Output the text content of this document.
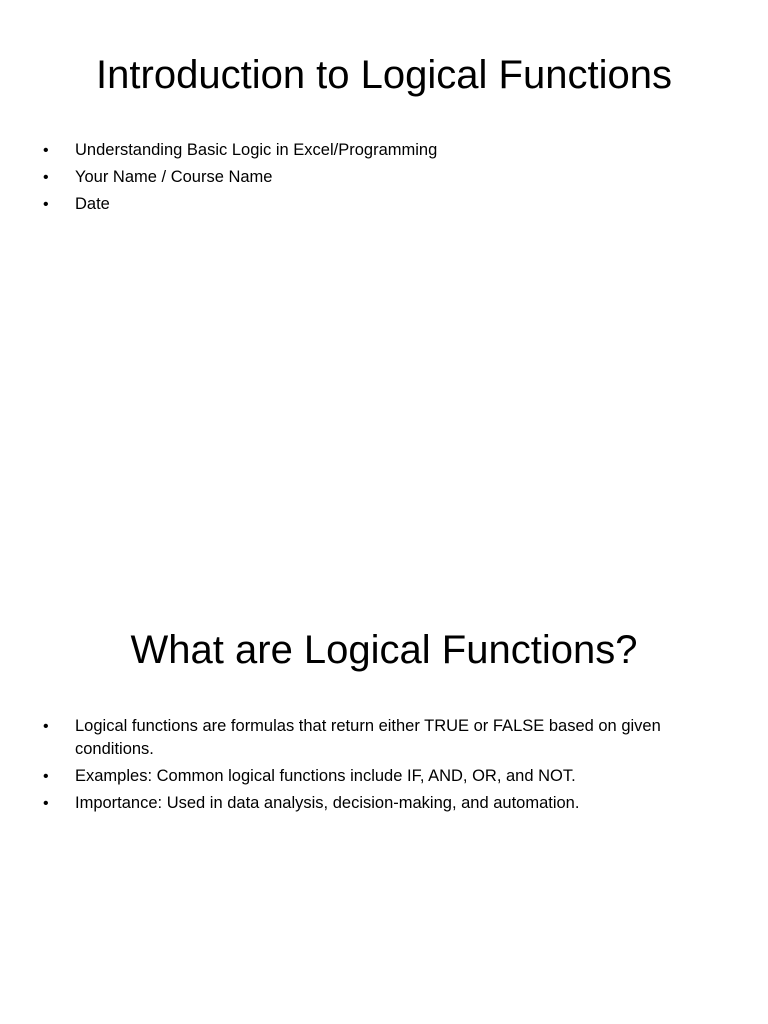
Introduction to Logical Functions
• Understanding Basic Logic in Excel/Programming
• Your Name / Course Name
• Date
What are Logical Functions?
• Logical functions are formulas that return either TRUE or FALSE based on given conditions.
• Examples: Common logical functions include IF, AND, OR, and NOT.
• Importance: Used in data analysis, decision-making, and automation.
